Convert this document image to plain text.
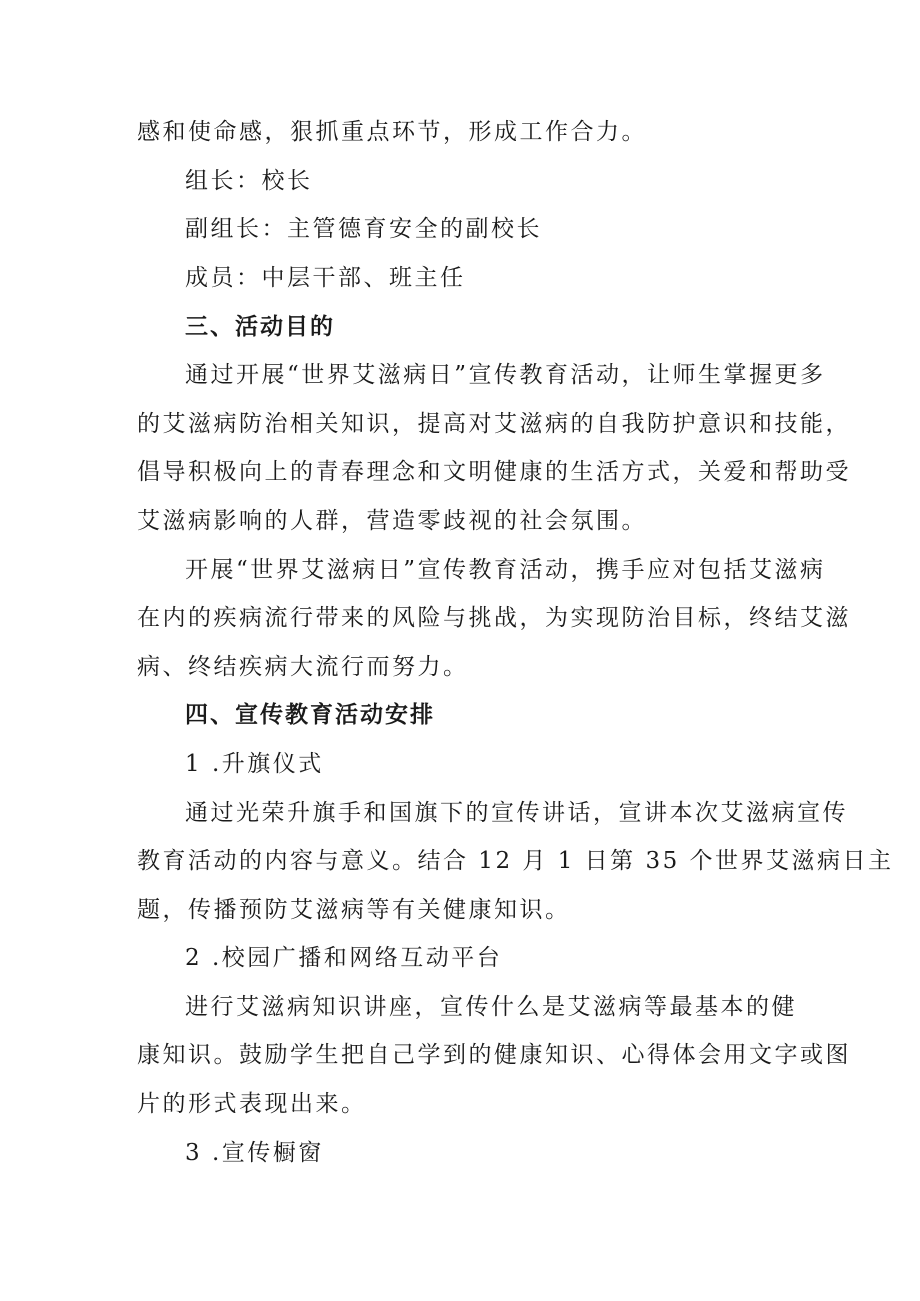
感和使命感，狠抓重点环节，形成工作合力。
组长：校长
副组长：主管德育安全的副校长
成员：中层干部、班主任
三、活动目的
通过开展“世界艾滋病日”宣传教育活动，让师生掌握更多
的艾滋病防治相关知识，提高对艾滋病的自我防护意识和技能，
倡导积极向上的青春理念和文明健康的生活方式，关爱和帮助受
艾滋病影响的人群，营造零歧视的社会氛围。
开展“世界艾滋病日”宣传教育活动，携手应对包括艾滋病
在内的疾病流行带来的风险与挑战，为实现防治目标，终结艾滋
病、终结疾病大流行而努力。
四、宣传教育活动安排
1 .升旗仪式
通过光荣升旗手和国旗下的宣传讲话，宣讲本次艾滋病宣传
教育活动的内容与意义。结合 12 月 1 日第 35 个世界艾滋病日主
题，传播预防艾滋病等有关健康知识。
2 .校园广播和网络互动平台
进行艾滋病知识讲座，宣传什么是艾滋病等最基本的健
康知识。鼓励学生把自己学到的健康知识、心得体会用文字或图
片的形式表现出来。
3 .宣传橱窗
